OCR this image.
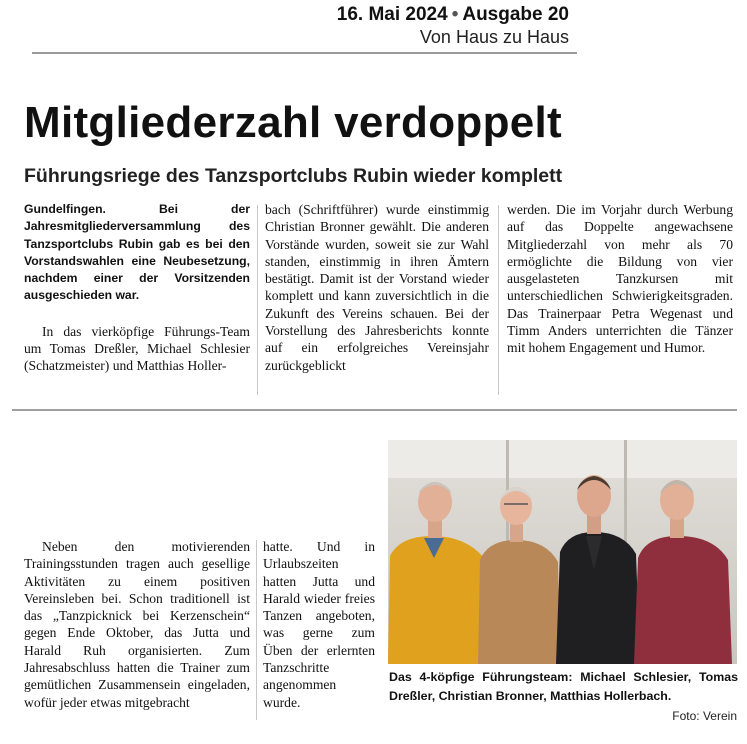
16. Mai 2024 • Ausgabe 20
Von Haus zu Haus
Mitgliederzahl verdoppelt
Führungsriege des Tanzsportclubs Rubin wieder komplett

Gundelfingen. Bei der Jahresmitgliederversammlung des Tanzsportclubs Rubin gab es bei den Vorstandswahlen eine Neubesetzung, nachdem einer der Vorsitzenden ausgeschieden war.

In das vierköpfige Führungs-Team um Tomas Dreßler, Michael Schlesier (Schatzmeister) und Matthias Holler-

bach (Schriftführer) wurde einstimmig Christian Bronner gewählt. Die anderen Vorstände wurden, soweit sie zur Wahl standen, einstimmig in ihren Ämtern bestätigt. Damit ist der Vorstand wieder komplett und kann zuversichtlich in die Zukunft des Vereins schauen. Bei der Vorstellung des Jahresberichts konnte auf ein erfolgreiches Vereinsjahr zurückgeblickt
werden. Die im Vorjahr durch Werbung auf das Doppelte angewachsene Mitgliederzahl von mehr als 70 ermöglichte die Bildung von vier ausgelasteten Tanzkursen mit unterschiedlichen Schwierigkeitsgraden. Das Trainerpaar Petra Wegenast und Timm Anders unterrichten die Tänzer mit hohem Engagement und Humor.
Neben den motivierenden Trainingsstunden tragen auch gesellige Aktivitäten zu einem positiven Vereinsleben bei. Schon traditionell ist das „Tanzpicknick bei Kerzenschein“ gegen Ende Oktober, das Jutta und Harald Ruh organisierten. Zum Jahresabschluss hatten die Trainer zum gemütlichen Zusammensein eingeladen, wofür jeder etwas mitgebracht
hatte. Und in Urlaubszeiten hatten Jutta und Harald wieder freies Tanzen angeboten, was gerne zum Üben der erlernten Tanzschritte angenommen wurde.
Das 4-köpfige Führungsteam: Michael Schlesier, Tomas Dreßler, Christian Bronner, Matthias Hollerbach.
Foto: Verein
